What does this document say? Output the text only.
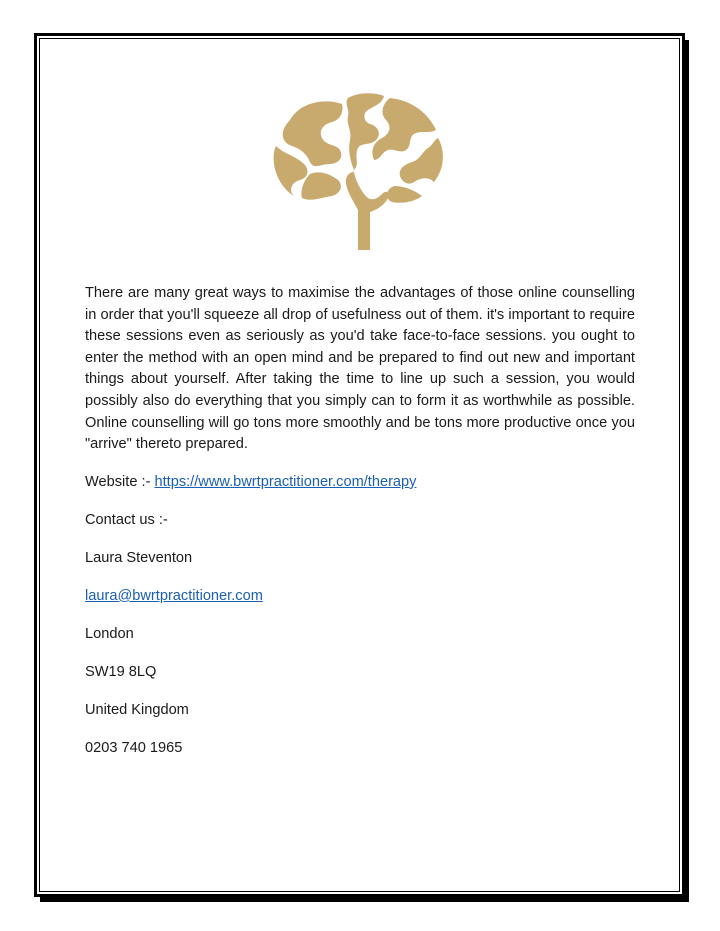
There are many great ways to maximise the advantages of those online counselling in order that you'll squeeze all drop of usefulness out of them. it's important to require these sessions even as seriously as you'd take face-to-face sessions. you ought to enter the method with an open mind and be prepared to find out new and important things about yourself. After taking the time to line up such a session, you would possibly also do everything that you simply can to form it as worthwhile as possible. Online counselling will go tons more smoothly and be tons more productive once you "arrive" thereto prepared.

Website :- https://www.bwrtpractitioner.com/therapy
Contact us :-
Laura Steventon
laura@bwrtpractitioner.com
London
SW19 8LQ
United Kingdom
0203 740 1965
